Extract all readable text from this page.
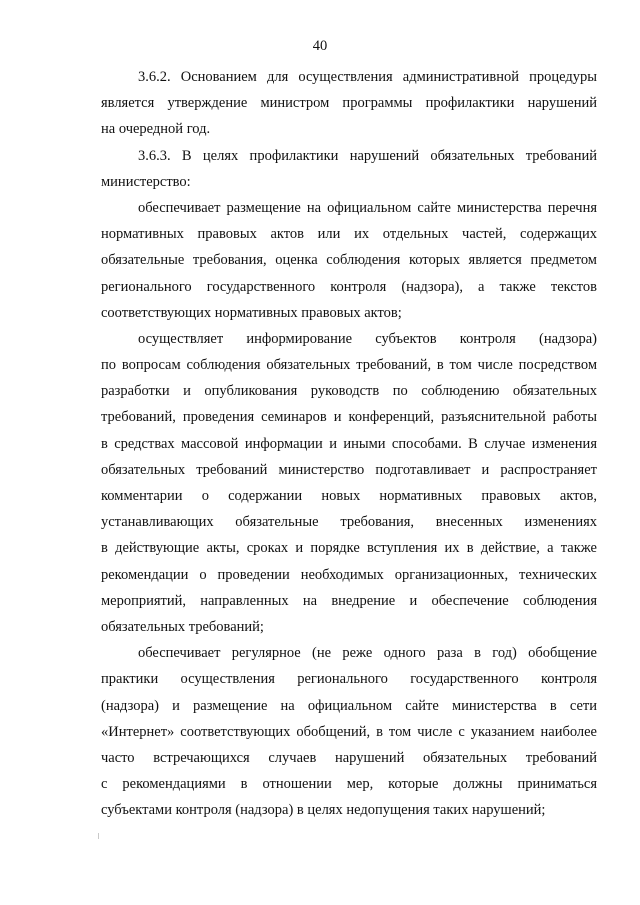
40
3.6.2. Основанием для осуществления административной процедуры
является утверждение министром программы профилактики нарушений
на очередной год.
3.6.3. В целях профилактики нарушений обязательных требований
министерство:
обеспечивает размещение на официальном сайте министерства перечня
нормативных правовых актов или их отдельных частей, содержащих
обязательные требования, оценка соблюдения которых является предметом
регионального государственного контроля (надзора), а также текстов
соответствующих нормативных правовых актов;
осуществляет информирование субъектов контроля (надзора)
по вопросам соблюдения обязательных требований, в том числе посредством
разработки и опубликования руководств по соблюдению обязательных
требований, проведения семинаров и конференций, разъяснительной работы
в средствах массовой информации и иными способами. В случае изменения
обязательных требований министерство подготавливает и распространяет
комментарии о содержании новых нормативных правовых актов,
устанавливающих обязательные требования, внесенных изменениях
в действующие акты, сроках и порядке вступления их в действие, а также
рекомендации о проведении необходимых организационных, технических
мероприятий, направленных на внедрение и обеспечение соблюдения
обязательных требований;
обеспечивает регулярное (не реже одного раза в год) обобщение
практики осуществления регионального государственного контроля
(надзора) и размещение на официальном сайте министерства в сети
«Интернет» соответствующих обобщений, в том числе с указанием наиболее
часто встречающихся случаев нарушений обязательных требований
с рекомендациями в отношении мер, которые должны приниматься
субъектами контроля (надзора) в целях недопущения таких нарушений;
